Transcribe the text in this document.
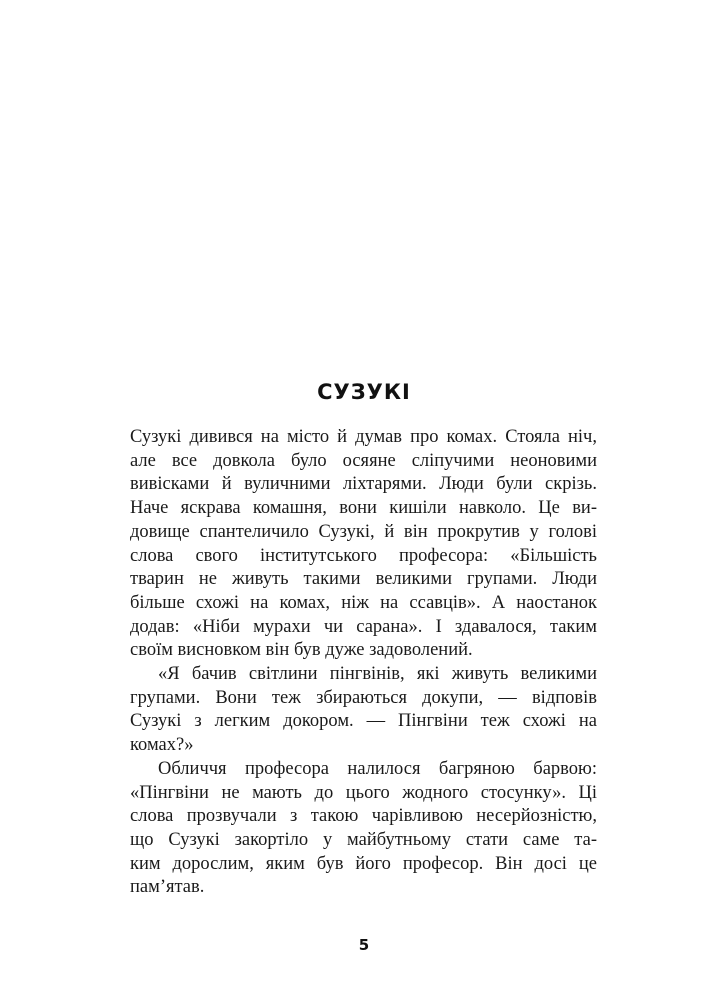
СУЗУКІ
Сузукі дивився на місто й думав про комах. Стояла ніч,
але все довкола було осяяне сліпучими неоновими
вивісками й вуличними ліхтарями. Люди були скрізь.
Наче яскрава комашня, вони кишіли навколо. Це ви-
довище спантеличило Сузукі, й він прокрутив у голові
слова свого інститутського професора: «Більшість
тварин не живуть такими великими групами. Люди
більше схожі на комах, ніж на ссавців». А наостанок
додав: «Ніби мурахи чи сарана». І здавалося, таким
своїм висновком він був дуже задоволений.
«Я бачив світлини пінгвінів, які живуть великими
групами. Вони теж збираються докупи, — відповів
Сузукі з легким докором. — Пінгвіни теж схожі на
комах?»
Обличчя професора налилося багряною барвою:
«Пінгвіни не мають до цього жодного стосунку». Ці
слова прозвучали з такою чарівливою несерйозністю,
що Сузукі закортіло у майбутньому стати саме та-
ким дорослим, яким був його професор. Він досі це
пам’ятав.
5
